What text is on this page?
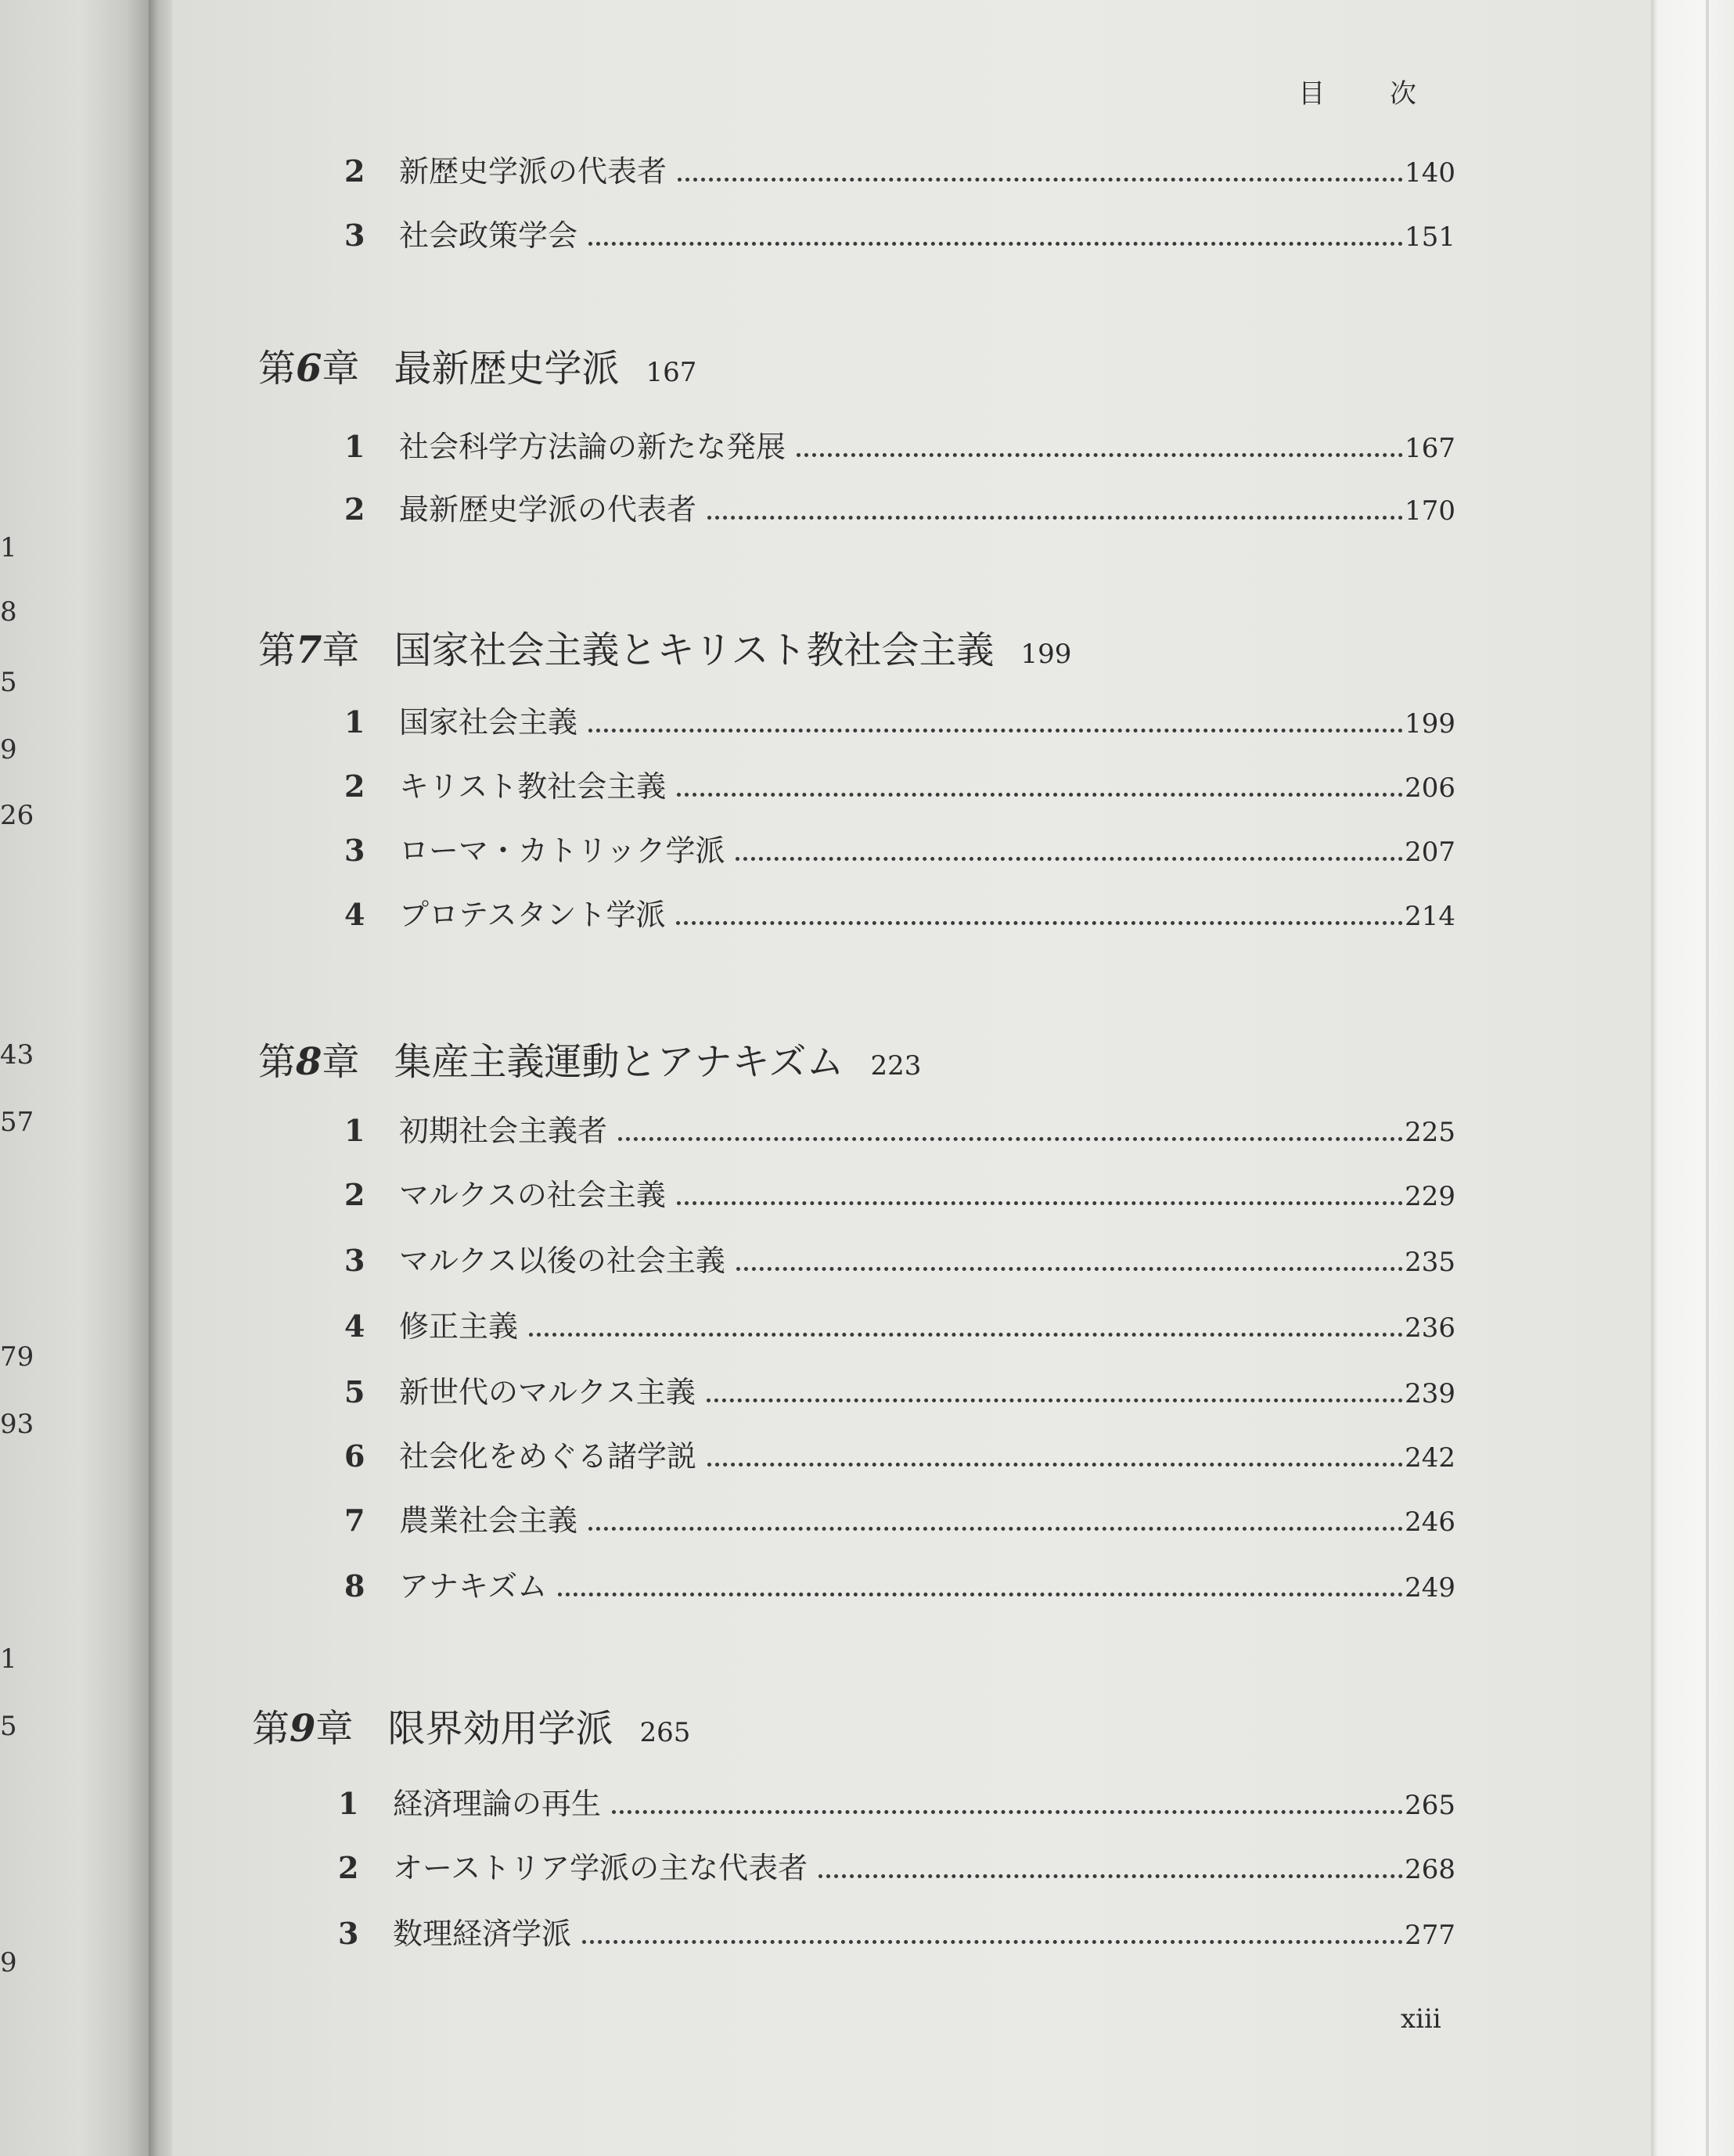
1
8
5
9
26
43
57
79
93
1
5
9
目 次
2	新歴史学派の代表者	140
3	社会政策学会	151
第6章 最新歴史学派 167
1	社会科学方法論の新たな発展	167
2	最新歴史学派の代表者	170
第7章 国家社会主義とキリスト教社会主義 199
1	国家社会主義	199
2	キリスト教社会主義	206
3	ローマ・カトリック学派	207
4	プロテスタント学派	214
第8章 集産主義運動とアナキズム 223
1	初期社会主義者	225
2	マルクスの社会主義	229
3	マルクス以後の社会主義	235
4	修正主義	236
5	新世代のマルクス主義	239
6	社会化をめぐる諸学説	242
7	農業社会主義	246
8	アナキズム	249
第9章 限界効用学派 265
1	経済理論の再生	265
2	オーストリア学派の主な代表者	268
3	数理経済学派	277
xiii
